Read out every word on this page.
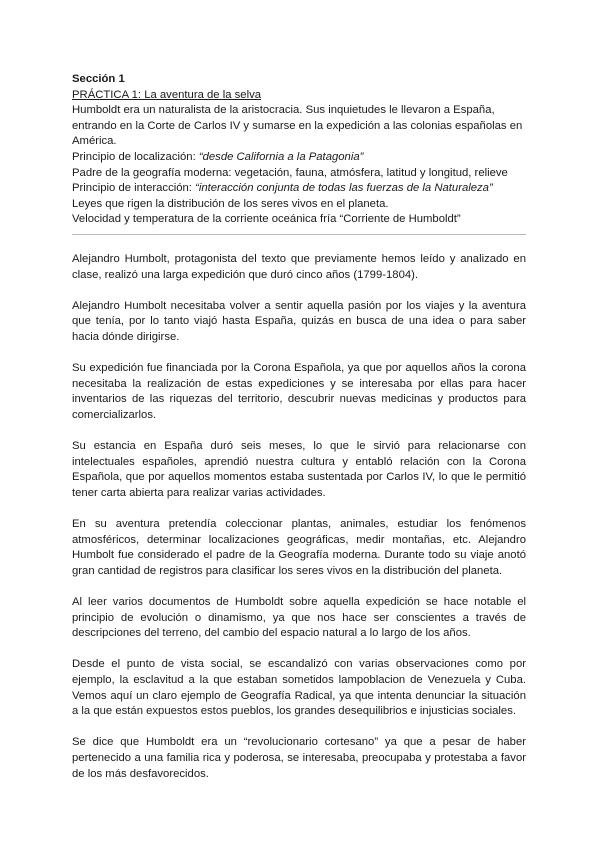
Sección 1
PRÁCTICA 1: La aventura de la selva
Humboldt era un naturalista de la aristocracia. Sus inquietudes le llevaron a España, entrando en la Corte de Carlos IV y sumarse en la expedición a las colonias españolas en América.
Principio de localización: “desde California a la Patagonia”
Padre de la geografía moderna: vegetación, fauna, atmósfera, latitud y longitud, relieve
Principio de interacción: “interacción conjunta de todas las fuerzas de la Naturaleza”
Leyes que rigen la distribución de los seres vivos en el planeta.
Velocidad y temperatura de la corriente oceánica fría “Corriente de Humboldt”

Alejandro Humbolt, protagonista del texto que previamente hemos leído y analizado en clase, realizó una larga expedición que duró cinco años (1799-1804).

Alejandro Humbolt necesitaba volver a sentir aquella pasión por los viajes y la aventura que tenía, por lo tanto viajó hasta España, quizás en busca de una idea o para saber hacia dónde dirigirse.

Su expedición fue financiada por la Corona Española, ya que por aquellos años la corona necesitaba la realización de estas expediciones y se interesaba por ellas para hacer inventarios de las riquezas del territorio, descubrir nuevas medicinas y productos para comercializarlos.

Su estancia en España duró seis meses, lo que le sirvió para relacionarse con intelectuales españoles, aprendió nuestra cultura y entabló relación con la Corona Española, que por aquellos momentos estaba sustentada por Carlos IV, lo que le permitió tener carta abierta para realizar varias actividades.

En su aventura pretendía coleccionar plantas, animales, estudiar los fenómenos atmosféricos, determinar localizaciones geográficas, medir montañas, etc. Alejandro Humbolt fue considerado el padre de la Geografía moderna. Durante todo su viaje anotó gran cantidad de registros para clasificar los seres vivos en la distribución del planeta.

Al leer varios documentos de Humboldt sobre aquella expedición se hace notable el principio de evolución o dinamismo, ya que nos hace ser conscientes a través de descripciones del terreno, del cambio del espacio natural a lo largo de los años.

Desde el punto de vista social, se escandalizó con varias observaciones como por ejemplo, la esclavitud a la que estaban sometidos lampoblacion de Venezuela y Cuba. Vemos aquí un claro ejemplo de Geografía Radical, ya que intenta denunciar la situación a la que están expuestos estos pueblos, los grandes desequilibrios e injusticias sociales.

Se dice que Humboldt era un “revolucionario cortesano” ya que a pesar de haber pertenecido a una familia rica y poderosa, se interesaba, preocupaba y protestaba a favor de los más desfavorecidos.
